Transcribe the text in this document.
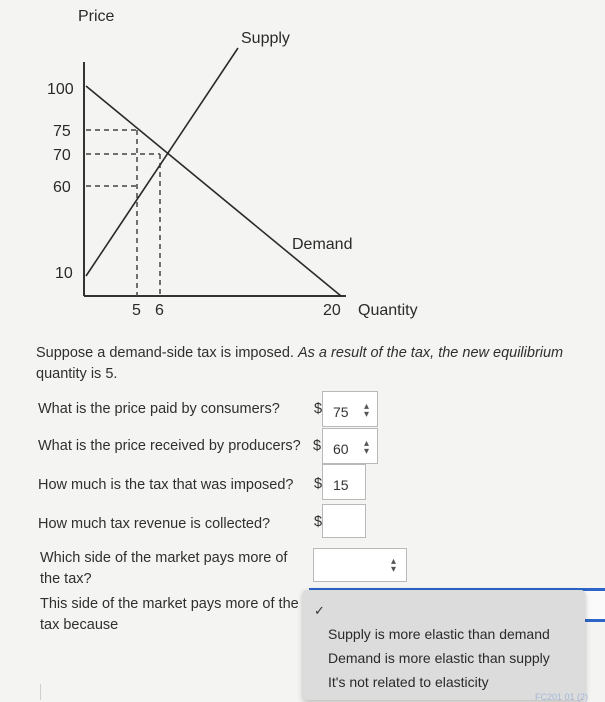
Price
Supply
Demand
Quantity
100
75
70
60
10
5 6	20
Suppose a demand-side tax is imposed. As a result of the tax, the new equilibrium
quantity is 5.
What is the price paid by consumers? $ 75 ▴
▾
What is the price received by producers? $ 60 ▴
▾
How much is the tax that was imposed? $ 15
How much tax revenue is collected?	$
Which side of the market pays more of
the tax?
▴
▾
This side of the market pays more of the
tax because
✓
Supply is more elastic than demand
Demand is more elastic than supply
It's not related to elasticity
FC201 01 (2)
